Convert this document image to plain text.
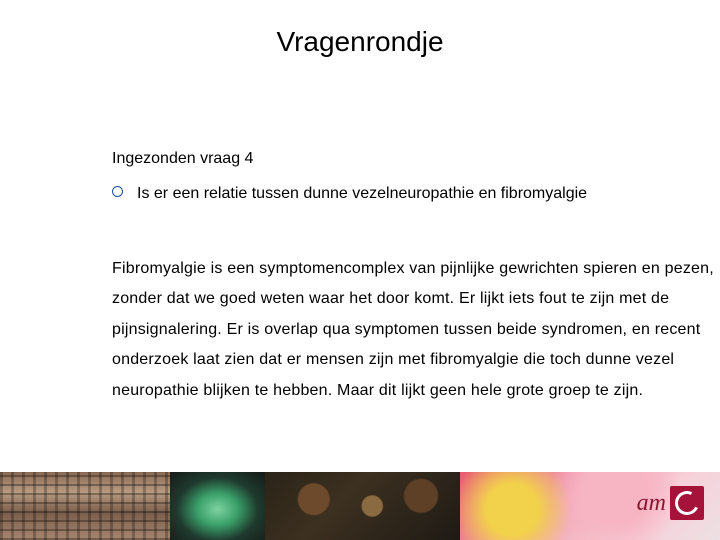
Vragenrondje
Ingezonden vraag 4
Is er een relatie tussen dunne vezelneuropathie en fibromyalgie
Fibromyalgie is een symptomencomplex van pijnlijke gewrichten spieren en pezen, zonder dat we goed weten waar het door komt. Er lijkt iets fout te zijn met de pijnsignalering. Er is overlap qua symptomen tussen beide syndromen, en recent onderzoek laat zien dat er mensen zijn met fibromyalgie die toch dunne vezel neuropathie blijken te hebben. Maar dit lijkt geen hele grote groep te zijn.
am
